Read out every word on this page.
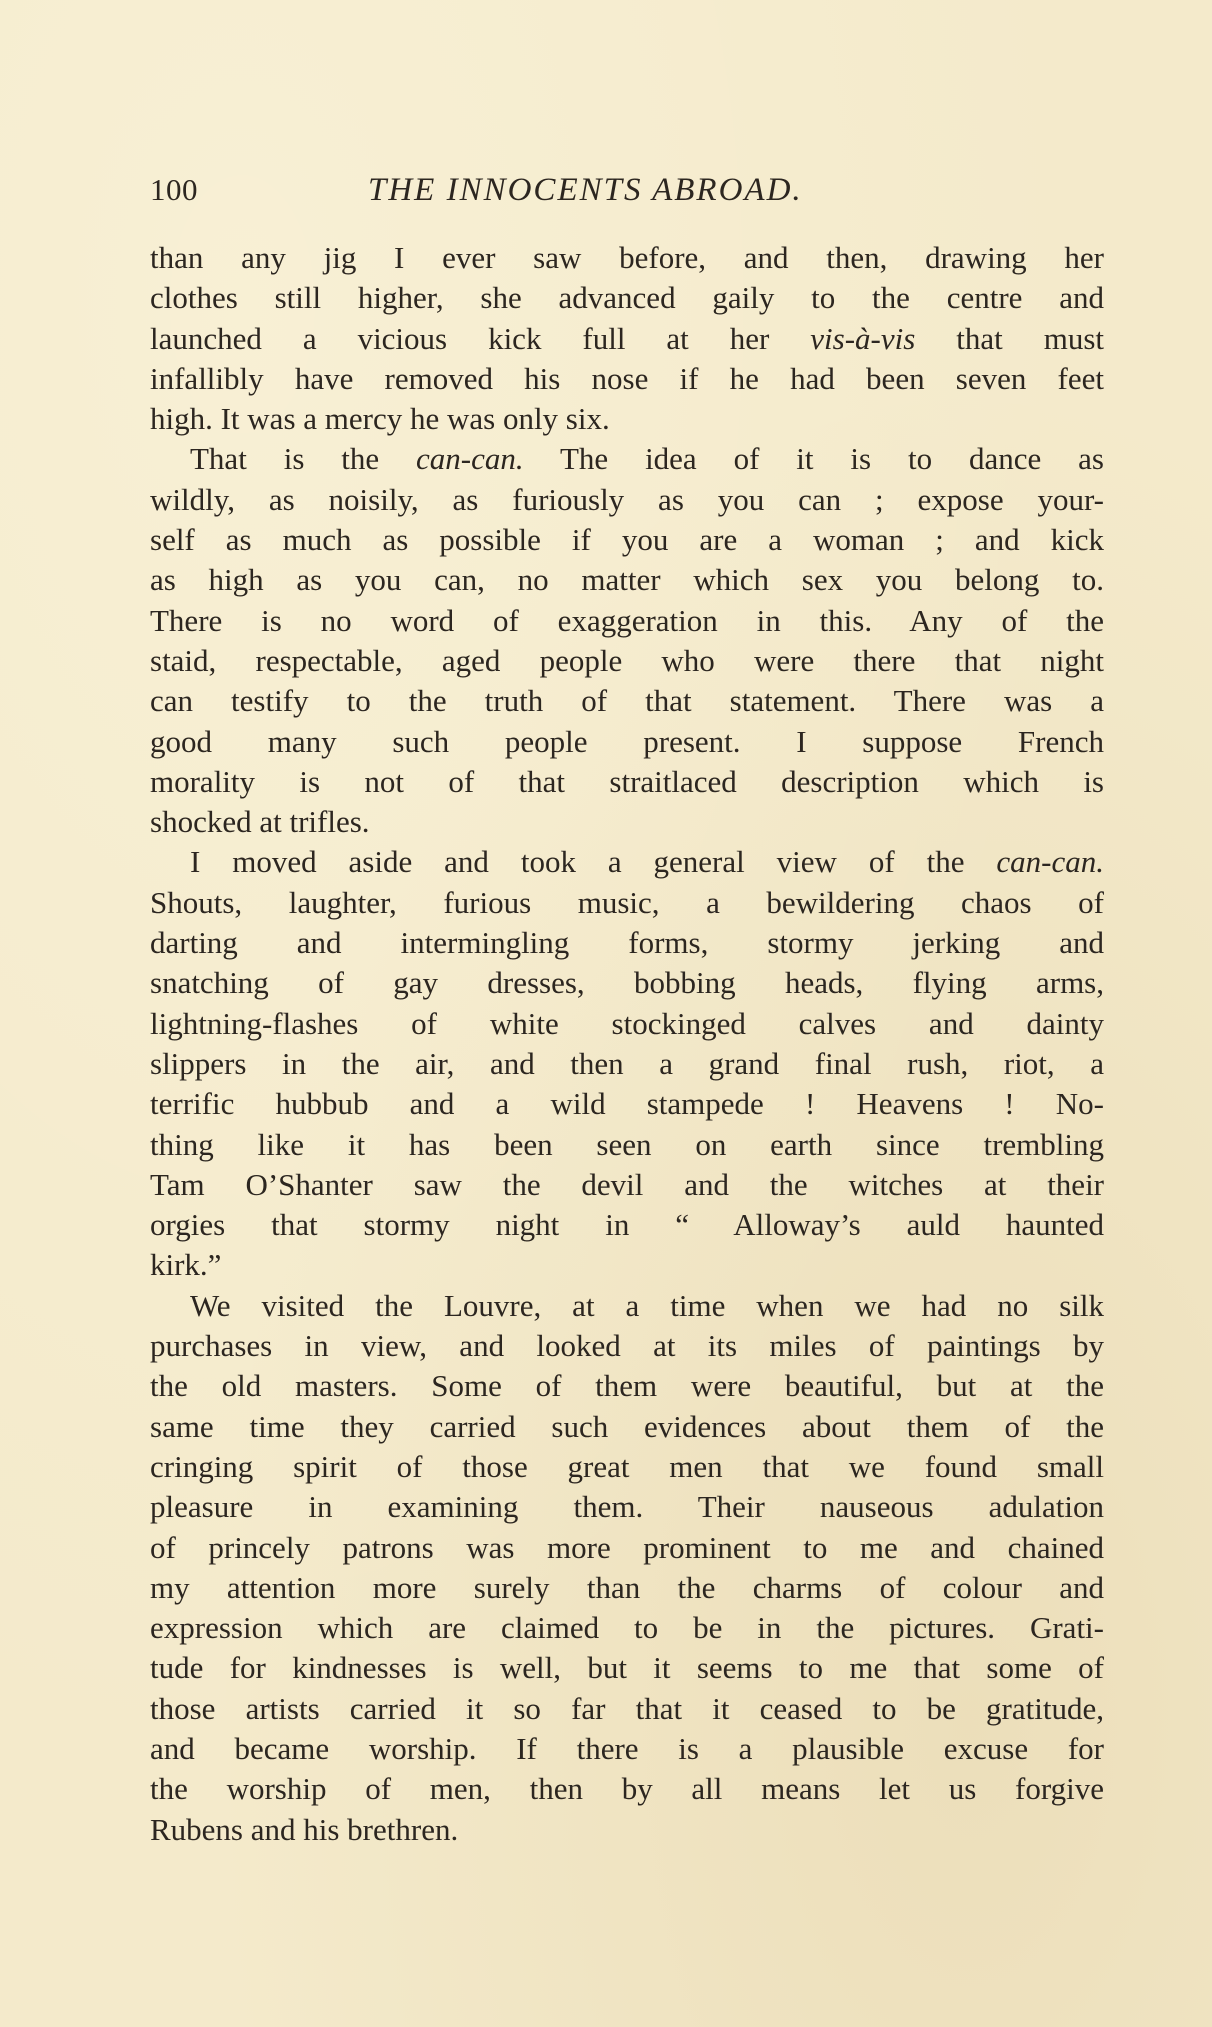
100	THE INNOCENTS ABROAD.
than any jig I ever saw before, and then, drawing her
clothes still higher, she advanced gaily to the centre and
launched a vicious kick full at her vis-à-vis that must
infallibly have removed his nose if he had been seven feet
high. It was a mercy he was only six.
That is the can-can. The idea of it is to dance as
wildly, as noisily, as furiously as you can ; expose your-
self as much as possible if you are a woman ; and kick
as high as you can, no matter which sex you belong to.
There is no word of exaggeration in this. Any of the
staid, respectable, aged people who were there that night
can testify to the truth of that statement. There was a
good many such people present. I suppose French
morality is not of that straitlaced description which is
shocked at trifles.
I moved aside and took a general view of the can-can.
Shouts, laughter, furious music, a bewildering chaos of
darting and intermingling forms, stormy jerking and
snatching of gay dresses, bobbing heads, flying arms,
lightning-flashes of white stockinged calves and dainty
slippers in the air, and then a grand final rush, riot, a
terrific hubbub and a wild stampede ! Heavens ! No-
thing like it has been seen on earth since trembling
Tam O’Shanter saw the devil and the witches at their
orgies that stormy night in “ Alloway’s auld haunted
kirk.”
We visited the Louvre, at a time when we had no silk
purchases in view, and looked at its miles of paintings by
the old masters. Some of them were beautiful, but at the
same time they carried such evidences about them of the
cringing spirit of those great men that we found small
pleasure in examining them. Their nauseous adulation
of princely patrons was more prominent to me and chained
my attention more surely than the charms of colour and
expression which are claimed to be in the pictures. Grati-
tude for kindnesses is well, but it seems to me that some of
those artists carried it so far that it ceased to be gratitude,
and became worship. If there is a plausible excuse for
the worship of men, then by all means let us forgive
Rubens and his brethren.
